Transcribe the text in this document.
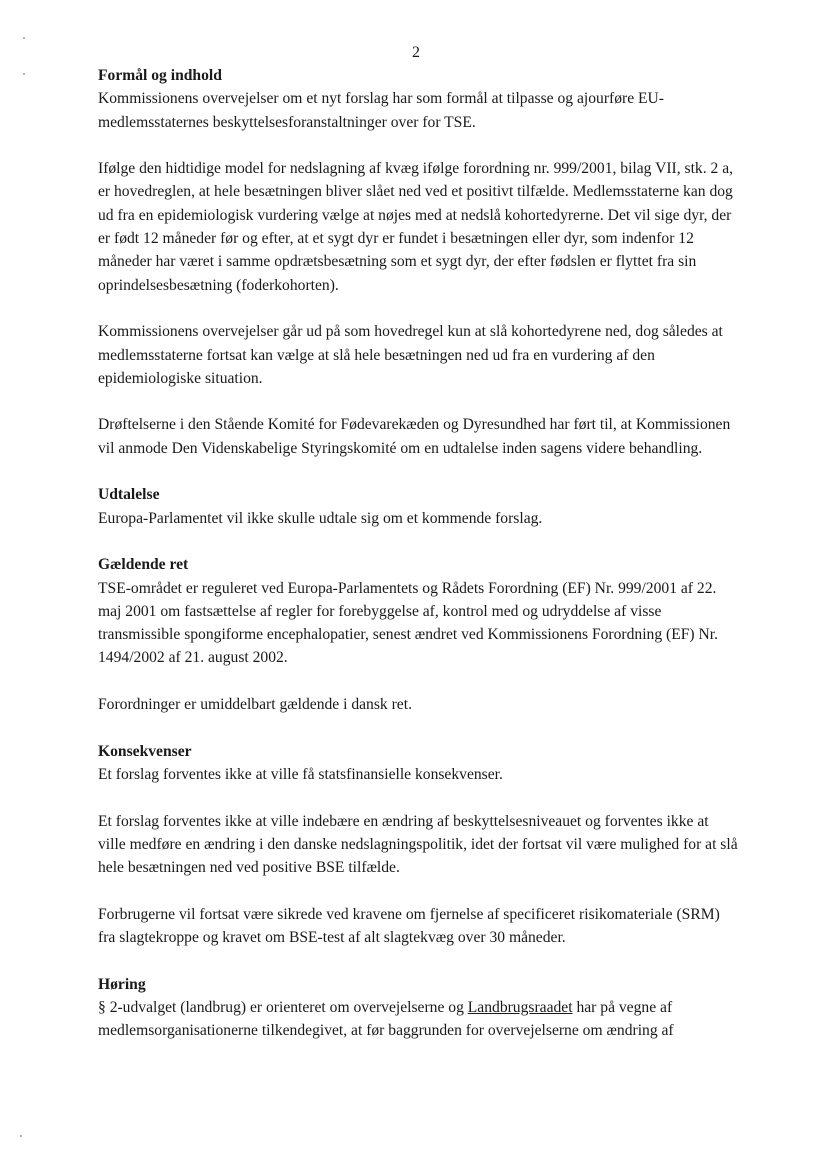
2

Formål og indhold

Kommissionens overvejelser om et nyt forslag har som formål at tilpasse og ajourføre EU-medlemsstaternes beskyttelsesforanstaltninger over for TSE.

Ifølge den hidtidige model for nedslagning af kvæg ifølge forordning nr. 999/2001, bilag VII, stk. 2 a, er hovedreglen, at hele besætningen bliver slået ned ved et positivt tilfælde. Medlemsstaterne kan dog ud fra en epidemiologisk vurdering vælge at nøjes med at nedslå kohortedyrerne. Det vil sige dyr, der er født 12 måneder før og efter, at et sygt dyr er fundet i besætningen eller dyr, som indenfor 12 måneder har været i samme opdrætsbesætning som et sygt dyr, der efter fødslen er flyttet fra sin oprindelsesbesætning (foderkohorten).

Kommissionens overvejelser går ud på som hovedregel kun at slå kohortedyrene ned, dog således at medlemsstaterne fortsat kan vælge at slå hele besætningen ned ud fra en vurdering af den epidemiologiske situation.

Drøftelserne i den Stående Komité for Fødevarekæden og Dyresundhed har ført til, at Kommissionen vil anmode Den Videnskabelige Styringskomité om en udtalelse inden sagens videre behandling.

Udtalelse

Europa-Parlamentet vil ikke skulle udtale sig om et kommende forslag.

Gældende ret

TSE-området er reguleret ved Europa-Parlamentets og Rådets Forordning (EF) Nr. 999/2001 af 22. maj 2001 om fastsættelse af regler for forebyggelse af, kontrol med og udryddelse af visse transmissible spongiforme encephalopatier, senest ændret ved Kommissionens Forordning (EF) Nr. 1494/2002 af 21. august 2002.

Forordninger er umiddelbart gældende i dansk ret.

Konsekvenser

Et forslag forventes ikke at ville få statsfinansielle konsekvenser.

Et forslag forventes ikke at ville indebære en ændring af beskyttelsesniveauet og forventes ikke at ville medføre en ændring i den danske nedslagningspolitik, idet der fortsat vil være mulighed for at slå hele besætningen ned ved positive BSE tilfælde.

Forbrugerne vil fortsat være sikrede ved kravene om fjernelse af specificeret risikomateriale (SRM) fra slagtekroppe og kravet om BSE-test af alt slagtekvæg over 30 måneder.

Høring

§ 2-udvalget (landbrug) er orienteret om overvejelserne og Landbrugsraadet har på vegne af medlemsorganisationerne tilkendegivet, at før baggrunden for overvejelserne om ændring af
